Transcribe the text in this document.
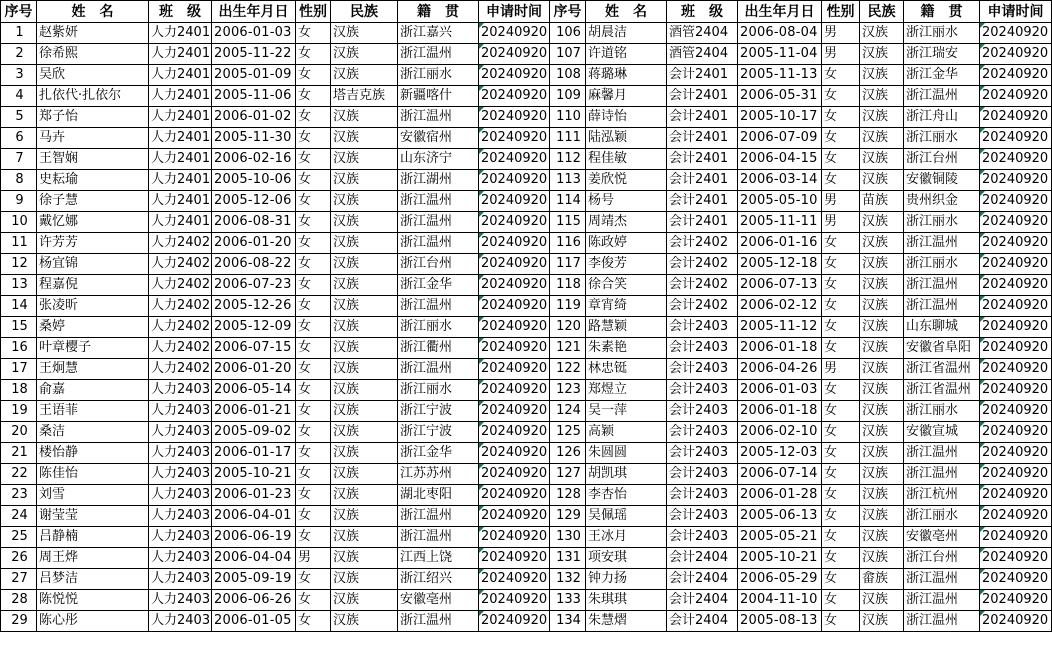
序号	姓　名	班　级	出生年月日	性别	民族	籍　贯	申请时间	序号	姓　名	班　级	出生年月日	性别	民族	籍　贯	申请时间
1	赵紫妍	人力2401	2006-01-03	女	汉族	浙江嘉兴	20240920	106	胡晨洁	酒管2404	2006-08-04	男	汉族	浙江丽水	20240920
2	徐希熙	人力2401	2005-11-22	女	汉族	浙江温州	20240920	107	许道铭	酒管2404	2005-11-04	男	汉族	浙江瑞安	20240920
3	吴欣	人力2401	2005-01-09	女	汉族	浙江丽水	20240920	108	蒋璐琳	会计2401	2005-11-13	女	汉族	浙江金华	20240920
4	扎依代·扎依尔	人力2401	2005-11-06	女	塔吉克族	新疆喀什	20240920	109	麻馨月	会计2401	2006-05-31	女	汉族	浙江温州	20240920
5	郑子怡	人力2401	2006-01-02	女	汉族	浙江温州	20240920	110	薛诗怡	会计2401	2005-10-17	女	汉族	浙江舟山	20240920
6	马卉	人力2401	2005-11-30	女	汉族	安徽宿州	20240920	111	陆泓颖	会计2401	2006-07-09	女	汉族	浙江丽水	20240920
7	王智娴	人力2401	2006-02-16	女	汉族	山东济宁	20240920	112	程佳敏	会计2401	2006-04-15	女	汉族	浙江台州	20240920
8	史耘瑜	人力2401	2005-10-06	女	汉族	浙江湖州	20240920	113	姜欣悦	会计2401	2006-03-14	女	汉族	安徽铜陵	20240920
9	徐子慧	人力2401	2005-12-06	女	汉族	浙江温州	20240920	114	杨号	会计2401	2005-05-10	男	苗族	贵州织金	20240920
10	戴忆娜	人力2401	2006-08-31	女	汉族	浙江温州	20240920	115	周靖杰	会计2401	2005-11-11	男	汉族	浙江丽水	20240920
11	许芳芳	人力2402	2006-01-20	女	汉族	浙江温州	20240920	116	陈政婷	会计2402	2006-01-16	女	汉族	浙江温州	20240920
12	杨宜锦	人力2402	2006-08-22	女	汉族	浙江台州	20240920	117	李俊芳	会计2402	2005-12-18	女	汉族	浙江丽水	20240920
13	程嘉倪	人力2402	2006-07-23	女	汉族	浙江金华	20240920	118	徐合笑	会计2402	2006-07-13	女	汉族	浙江温州	20240920
14	张凌昕	人力2402	2005-12-26	女	汉族	浙江温州	20240920	119	章宵绮	会计2402	2006-02-12	女	汉族	浙江温州	20240920
15	桑婷	人力2402	2005-12-09	女	汉族	浙江丽水	20240920	120	路慧颖	会计2403	2005-11-12	女	汉族	山东聊城	20240920
16	叶章樱子	人力2402	2006-07-15	女	汉族	浙江衢州	20240920	121	朱素艳	会计2403	2006-01-18	女	汉族	安徽省阜阳	20240920
17	王炯慧	人力2402	2006-01-20	女	汉族	浙江温州	20240920	122	林忠铤	会计2403	2006-04-26	男	汉族	浙江省温州	20240920
18	俞嘉	人力2403	2006-05-14	女	汉族	浙江丽水	20240920	123	郑煜立	会计2403	2006-01-03	女	汉族	浙江省温州	20240920
19	王语菲	人力2403	2006-01-21	女	汉族	浙江宁波	20240920	124	吴一萍	会计2403	2006-01-18	女	汉族	浙江丽水	20240920
20	桑洁	人力2403	2005-09-02	女	汉族	浙江宁波	20240920	125	高颖	会计2403	2006-02-10	女	汉族	安徽宣城	20240920
21	楼怡静	人力2403	2006-01-17	女	汉族	浙江金华	20240920	126	朱圆圆	会计2403	2005-12-03	女	汉族	浙江温州	20240920
22	陈佳怡	人力2403	2005-10-21	女	汉族	江苏苏州	20240920	127	胡凯琪	会计2403	2006-07-14	女	汉族	浙江温州	20240920
23	刘雪	人力2403	2006-01-23	女	汉族	湖北枣阳	20240920	128	李杏怡	会计2403	2006-01-28	女	汉族	浙江杭州	20240920
24	谢莹莹	人力2403	2006-04-01	女	汉族	浙江温州	20240920	129	吴佩瑶	会计2403	2005-06-13	女	汉族	浙江丽水	20240920
25	吕静楠	人力2403	2006-06-19	女	汉族	浙江温州	20240920	130	王冰月	会计2403	2005-05-21	女	汉族	安徽亳州	20240920
26	周王烨	人力2403	2006-04-04	男	汉族	江西上饶	20240920	131	项安琪	会计2404	2005-10-21	女	汉族	浙江台州	20240920
27	吕梦洁	人力2403	2005-09-19	女	汉族	浙江绍兴	20240920	132	钟力扬	会计2404	2006-05-29	女	畲族	浙江温州	20240920
28	陈悦悦	人力2403	2006-06-26	女	汉族	安徽亳州	20240920	133	朱琪琪	会计2404	2004-11-10	女	汉族	浙江温州	20240920
29	陈心彤	人力2403	2006-01-05	女	汉族	浙江温州	20240920	134	朱慧熠	会计2404	2005-08-13	女	汉族	浙江温州	20240920
